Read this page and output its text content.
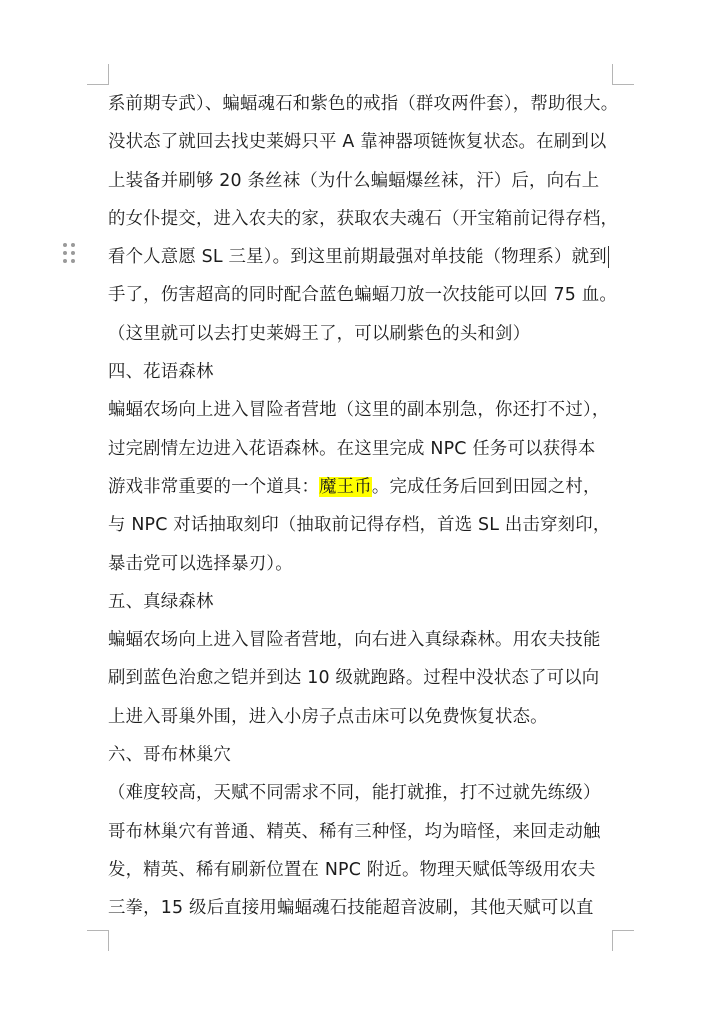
系前期专武）、蝙蝠魂石和紫色的戒指（群攻两件套），帮助很大。
没状态了就回去找史莱姆只平 A 靠神器项链恢复状态。在刷到以
上装备并刷够 20 条丝袜（为什么蝙蝠爆丝袜，汗）后，向右上
的女仆提交，进入农夫的家，获取农夫魂石（开宝箱前记得存档，
看个人意愿 SL 三星）。到这里前期最强对单技能（物理系）就到
手了，伤害超高的同时配合蓝色蝙蝠刀放一次技能可以回 75 血。
（这里就可以去打史莱姆王了，可以刷紫色的头和剑）
四、花语森林
蝙蝠农场向上进入冒险者营地（这里的副本别急，你还打不过），
过完剧情左边进入花语森林。在这里完成 NPC 任务可以获得本
游戏非常重要的一个道具：魔王币。完成任务后回到田园之村，
与 NPC 对话抽取刻印（抽取前记得存档，首选 SL 出击穿刻印，
暴击党可以选择暴刃）。
五、真绿森林
蝙蝠农场向上进入冒险者营地，向右进入真绿森林。用农夫技能
刷到蓝色治愈之铠并到达 10 级就跑路。过程中没状态了可以向
上进入哥巢外围，进入小房子点击床可以免费恢复状态。
六、哥布林巢穴
（难度较高，天赋不同需求不同，能打就推，打不过就先练级）
哥布林巢穴有普通、精英、稀有三种怪，均为暗怪，来回走动触
发，精英、稀有刷新位置在 NPC 附近。物理天赋低等级用农夫
三拳，15 级后直接用蝙蝠魂石技能超音波刷，其他天赋可以直
